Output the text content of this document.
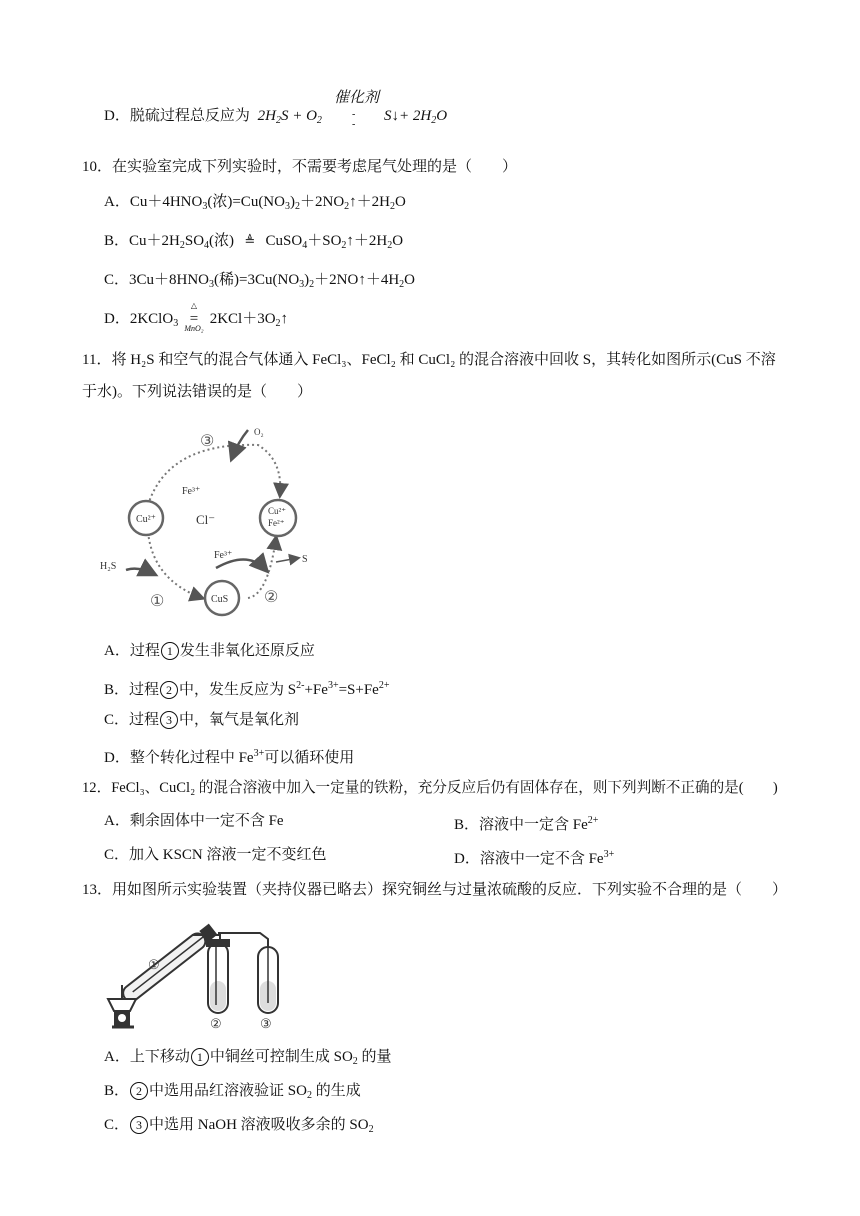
D．脱硫过程总反应为 $2H_2S + O_2$
催化剂
-
-
S↓+ $2H_2O$
10．在实验室完成下列实验时，不需要考虑尾气处理的是（　　）
A．$Cu+4HNO_3$(浓)$=Cu(NO_3)_2+2NO_2↑+2H_2O$
B．$Cu+2H_2SO_4$(浓) ≜ $CuSO_4+SO_2↑+2H_2O$
C．$3Cu+8HNO_3$(稀)$=3Cu(NO_3)_2+2NO↑+4H_2O$
D．2KClO$_3$
△
=
MnO₂
$2KCl+3O_2↑$
11．将 H₂S 和空气的混合气体通入 FeCl₃、FeCl₂ 和 CuCl₂ 的混合溶液中回收 S，其转化如图所示(CuS 不溶
于水)。下列说法错误的是（　　）
③
O₂
Fe³⁺
Cu²⁺	Cl⁻
Cu²⁺
Fe²⁺
H₂S
Fe³⁺	S
CuS
①	②
A．过程 1 发生非氧化还原反应
B．过程 2 中，发生反应为 $S^{2-}+Fe^{3+}=S+Fe^{2+}$
C．过程 3 中，氧气是氧化剂
D．整个转化过程中 $Fe^{3+}$可以循环使用
12．FeCl₃、CuCl₂ 的混合溶液中加入一定量的铁粉，充分反应后仍有固体存在，则下列判断不正确的是(　　)
A．剩余固体中一定不含 Fe	B．溶液中一定含 $Fe^{2+}$
C．加入 KSCN 溶液一定不变红色	D．溶液中一定不含 $Fe^{3+}$
13．用如图所示实验装置（夹持仪器已略去）探究铜丝与过量浓硫酸的反应．下列实验不合理的是（　　）
①
②	③
A．上下移动 1 中铜丝可控制生成 $SO_2$ 的量
B． 2 中选用品红溶液验证 $SO_2$ 的生成
C． 3 中选用 NaOH 溶液吸收多余的 $SO_2$
